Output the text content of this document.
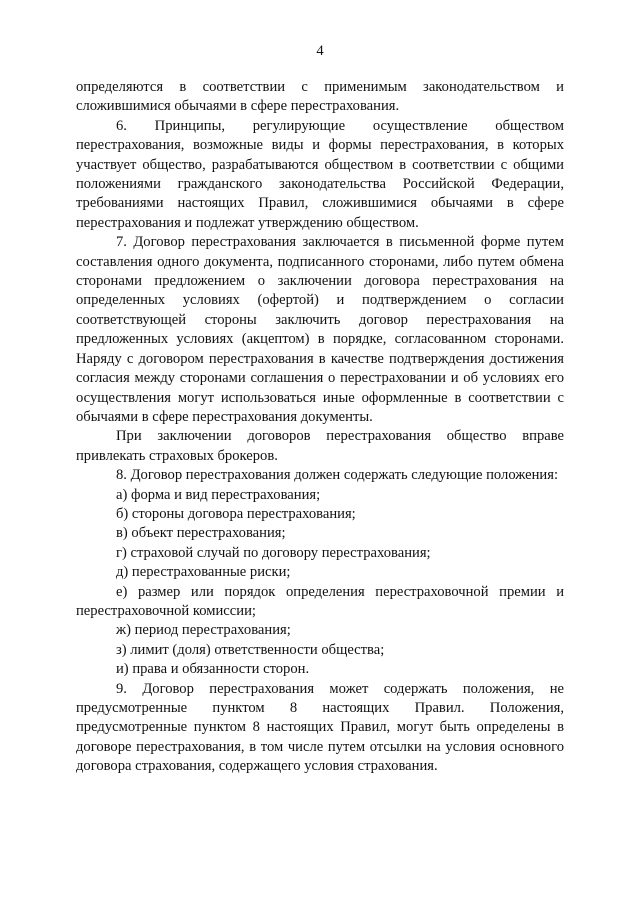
4

определяются в соответствии с применимым законодательством и сложившимися обычаями в сфере перестрахования.

6. Принципы, регулирующие осуществление обществом перестрахования, возможные виды и формы перестрахования, в которых участвует общество, разрабатываются обществом в соответствии с общими положениями гражданского законодательства Российской Федерации, требованиями настоящих Правил, сложившимися обычаями в сфере перестрахования и подлежат утверждению обществом.

7. Договор перестрахования заключается в письменной форме путем составления одного документа, подписанного сторонами, либо путем обмена сторонами предложением о заключении договора перестрахования на определенных условиях (офертой) и подтверждением о согласии соответствующей стороны заключить договор перестрахования на предложенных условиях (акцептом) в порядке, согласованном сторонами. Наряду с договором перестрахования в качестве подтверждения достижения согласия между сторонами соглашения о перестраховании и об условиях его осуществления могут использоваться иные оформленные в соответствии с обычаями в сфере перестрахования документы.

При заключении договоров перестрахования общество вправе привлекать страховых брокеров.

8. Договор перестрахования должен содержать следующие положения:

а) форма и вид перестрахования;

б) стороны договора перестрахования;

в) объект перестрахования;

г) страховой случай по договору перестрахования;

д) перестрахованные риски;

е) размер или порядок определения перестраховочной премии и перестраховочной комиссии;

ж) период перестрахования;

з) лимит (доля) ответственности общества;

и) права и обязанности сторон.

9. Договор перестрахования может содержать положения, не предусмотренные пунктом 8 настоящих Правил. Положения, предусмотренные пунктом 8 настоящих Правил, могут быть определены в договоре перестрахования, в том числе путем отсылки на условия основного договора страхования, содержащего условия страхования.
